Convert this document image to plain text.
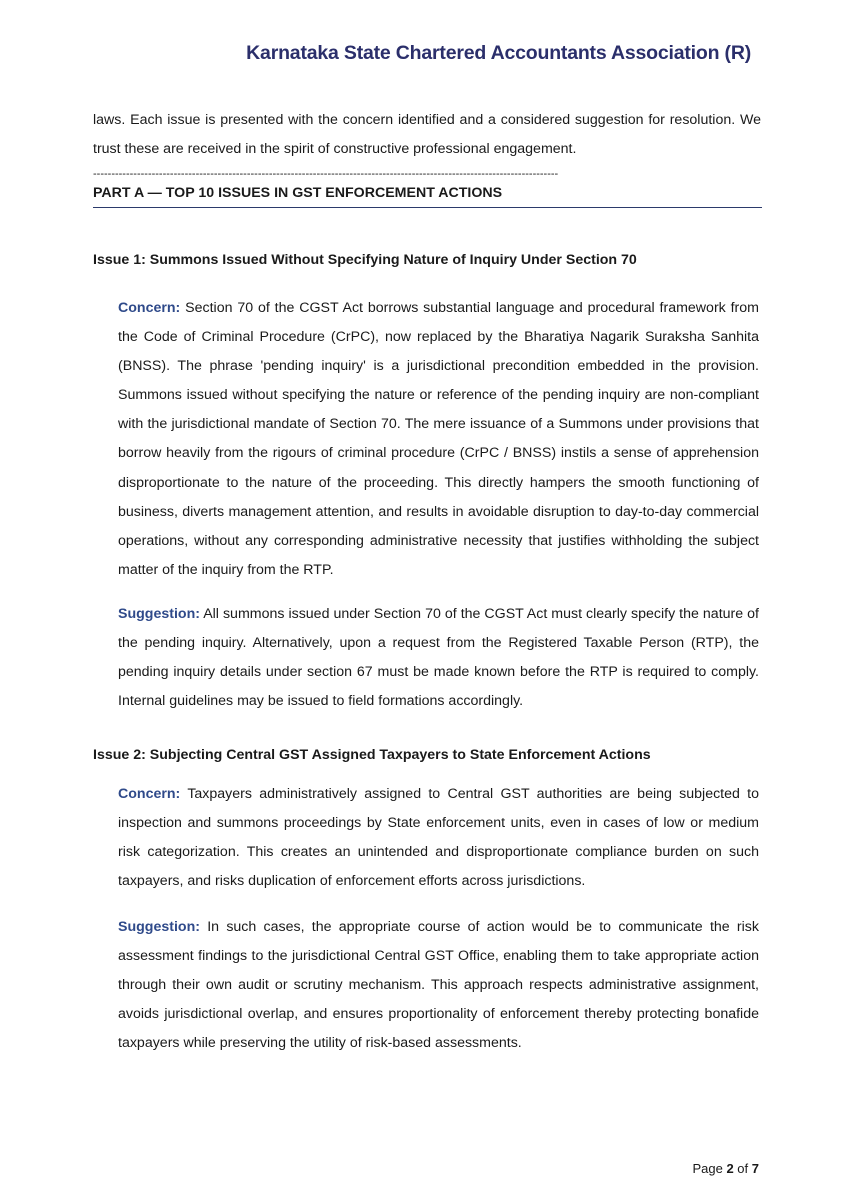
Karnataka State Chartered Accountants Association (R)

laws. Each issue is presented with the concern identified and a considered suggestion for resolution. We trust these are received in the spirit of constructive professional engagement.

-------------------------------------------------------------------------------------------------------------------------------
PART A — TOP 10 ISSUES IN GST ENFORCEMENT ACTIONS
Issue 1: Summons Issued Without Specifying Nature of Inquiry Under Section 70

Concern: Section 70 of the CGST Act borrows substantial language and procedural framework from the Code of Criminal Procedure (CrPC), now replaced by the Bharatiya Nagarik Suraksha Sanhita (BNSS). The phrase 'pending inquiry' is a jurisdictional precondition embedded in the provision. Summons issued without specifying the nature or reference of the pending inquiry are non-compliant with the jurisdictional mandate of Section 70. The mere issuance of a Summons under provisions that borrow heavily from the rigours of criminal procedure (CrPC / BNSS) instils a sense of apprehension disproportionate to the nature of the proceeding. This directly hampers the smooth functioning of business, diverts management attention, and results in avoidable disruption to day-to-day commercial operations, without any corresponding administrative necessity that justifies withholding the subject matter of the inquiry from the RTP.

Suggestion: All summons issued under Section 70 of the CGST Act must clearly specify the nature of the pending inquiry. Alternatively, upon a request from the Registered Taxable Person (RTP), the pending inquiry details under section 67 must be made known before the RTP is required to comply. Internal guidelines may be issued to field formations accordingly.

Issue 2: Subjecting Central GST Assigned Taxpayers to State Enforcement Actions

Concern: Taxpayers administratively assigned to Central GST authorities are being subjected to inspection and summons proceedings by State enforcement units, even in cases of low or medium risk categorization. This creates an unintended and disproportionate compliance burden on such taxpayers, and risks duplication of enforcement efforts across jurisdictions.

Suggestion: In such cases, the appropriate course of action would be to communicate the risk assessment findings to the jurisdictional Central GST Office, enabling them to take appropriate action through their own audit or scrutiny mechanism. This approach respects administrative assignment, avoids jurisdictional overlap, and ensures proportionality of enforcement thereby protecting bonafide taxpayers while preserving the utility of risk-based assessments.

Page 2 of 7
